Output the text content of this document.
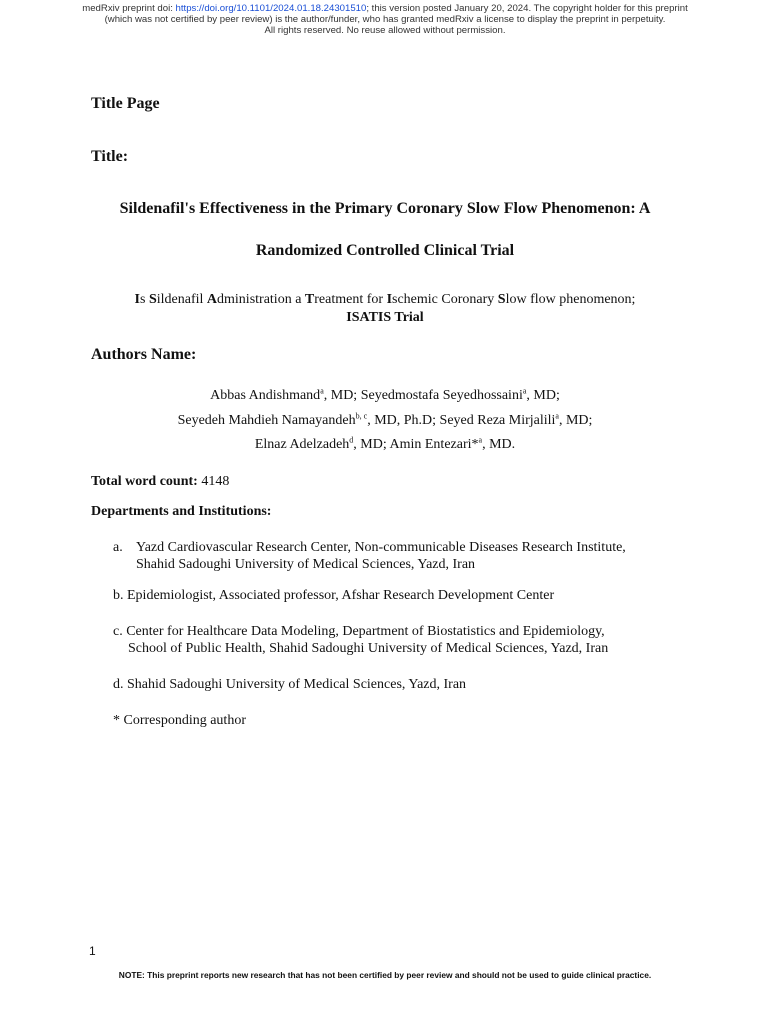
medRxiv preprint doi: https://doi.org/10.1101/2024.01.18.24301510; this version posted January 20, 2024. The copyright holder for this preprint
(which was not certified by peer review) is the author/funder, who has granted medRxiv a license to display the preprint in perpetuity.
All rights reserved. No reuse allowed without permission.
Title Page
Title:
Sildenafil's Effectiveness in the Primary Coronary Slow Flow Phenomenon: A
Randomized Controlled Clinical Trial
Is Sildenafil Administration a Treatment for Ischemic Coronary Slow flow phenomenon;
ISATIS Trial
Authors Name:
Abbas Andishmand$^a$, MD; Seyedmostafa Seyedhossaini$^a$, MD;
Seyedeh Mahdieh Namayandeh$^{b, c}$, MD, Ph.D; Seyed Reza Mirjalili$^a$, MD;
Elnaz Adelzadeh$^d$, MD; Amin Entezari*$^a$, MD.
Total word count: 4148
Departments and Institutions:
a. Yazd Cardiovascular Research Center, Non-communicable Diseases Research Institute,
Shahid Sadoughi University of Medical Sciences, Yazd, Iran
b. Epidemiologist, Associated professor, Afshar Research Development Center
c. Center for Healthcare Data Modeling, Department of Biostatistics and Epidemiology,
School of Public Health, Shahid Sadoughi University of Medical Sciences, Yazd, Iran
d. Shahid Sadoughi University of Medical Sciences, Yazd, Iran
* Corresponding author
1
NOTE: This preprint reports new research that has not been certified by peer review and should not be used to guide clinical practice.
